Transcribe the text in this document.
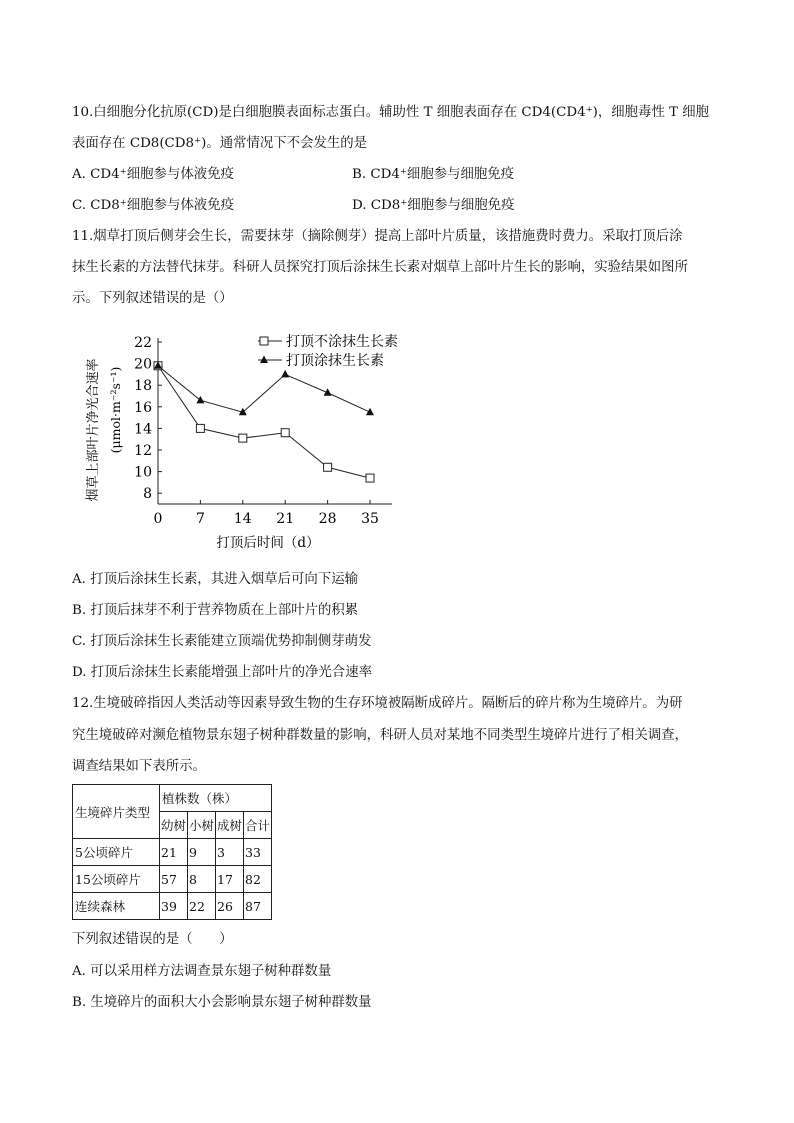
10.白细胞分化抗原(CD)是白细胞膜表面标志蛋白。辅助性 T 细胞表面存在 CD4(CD4⁺)，细胞毒性 T 细胞
表面存在 CD8(CD8⁺)。通常情况下不会发生的是
A. CD4⁺细胞参与体液免疫	B. CD4⁺细胞参与细胞免疫
C. CD8⁺细胞参与体液免疫	D. CD8⁺细胞参与细胞免疫
11.烟草打顶后侧芽会生长，需要抹芽（摘除侧芽）提高上部叶片质量，该措施费时费力。采取打顶后涂
抹生长素的方法替代抹芽。科研人员探究打顶后涂抹生长素对烟草上部叶片生长的影响，实验结果如图所
示。下列叙述错误的是（）
8
10
12
14
16
18
20
22
0 7 14 21 28 35
打顶不涂抹生长素
打顶涂抹生长素
打顶后时间（d）
烟草上部叶片净光合速率 (μmol·m⁻²s⁻¹)
A. 打顶后涂抹生长素，其进入烟草后可向下运输
B. 打顶后抹芽不利于营养物质在上部叶片的积累
C. 打顶后涂抹生长素能建立顶端优势抑制侧芽萌发
D. 打顶后涂抹生长素能增强上部叶片的净光合速率
12.生境破碎指因人类活动等因素导致生物的生存环境被隔断成碎片。隔断后的碎片称为生境碎片。为研
究生境破碎对濒危植物景东翅子树种群数量的影响，科研人员对某地不同类型生境碎片进行了相关调查，
调查结果如下表所示。
生境碎片类型	植株数（株）			
	幼树	小树	成树	合计
5公顷碎片	21	9	3	33
15公顷碎片	57	8	17	82
连续森林	39	22	26	87
下列叙述错误的是（　　）
A. 可以采用样方法调查景东翅子树种群数量
B. 生境碎片的面积大小会影响景东翅子树种群数量
